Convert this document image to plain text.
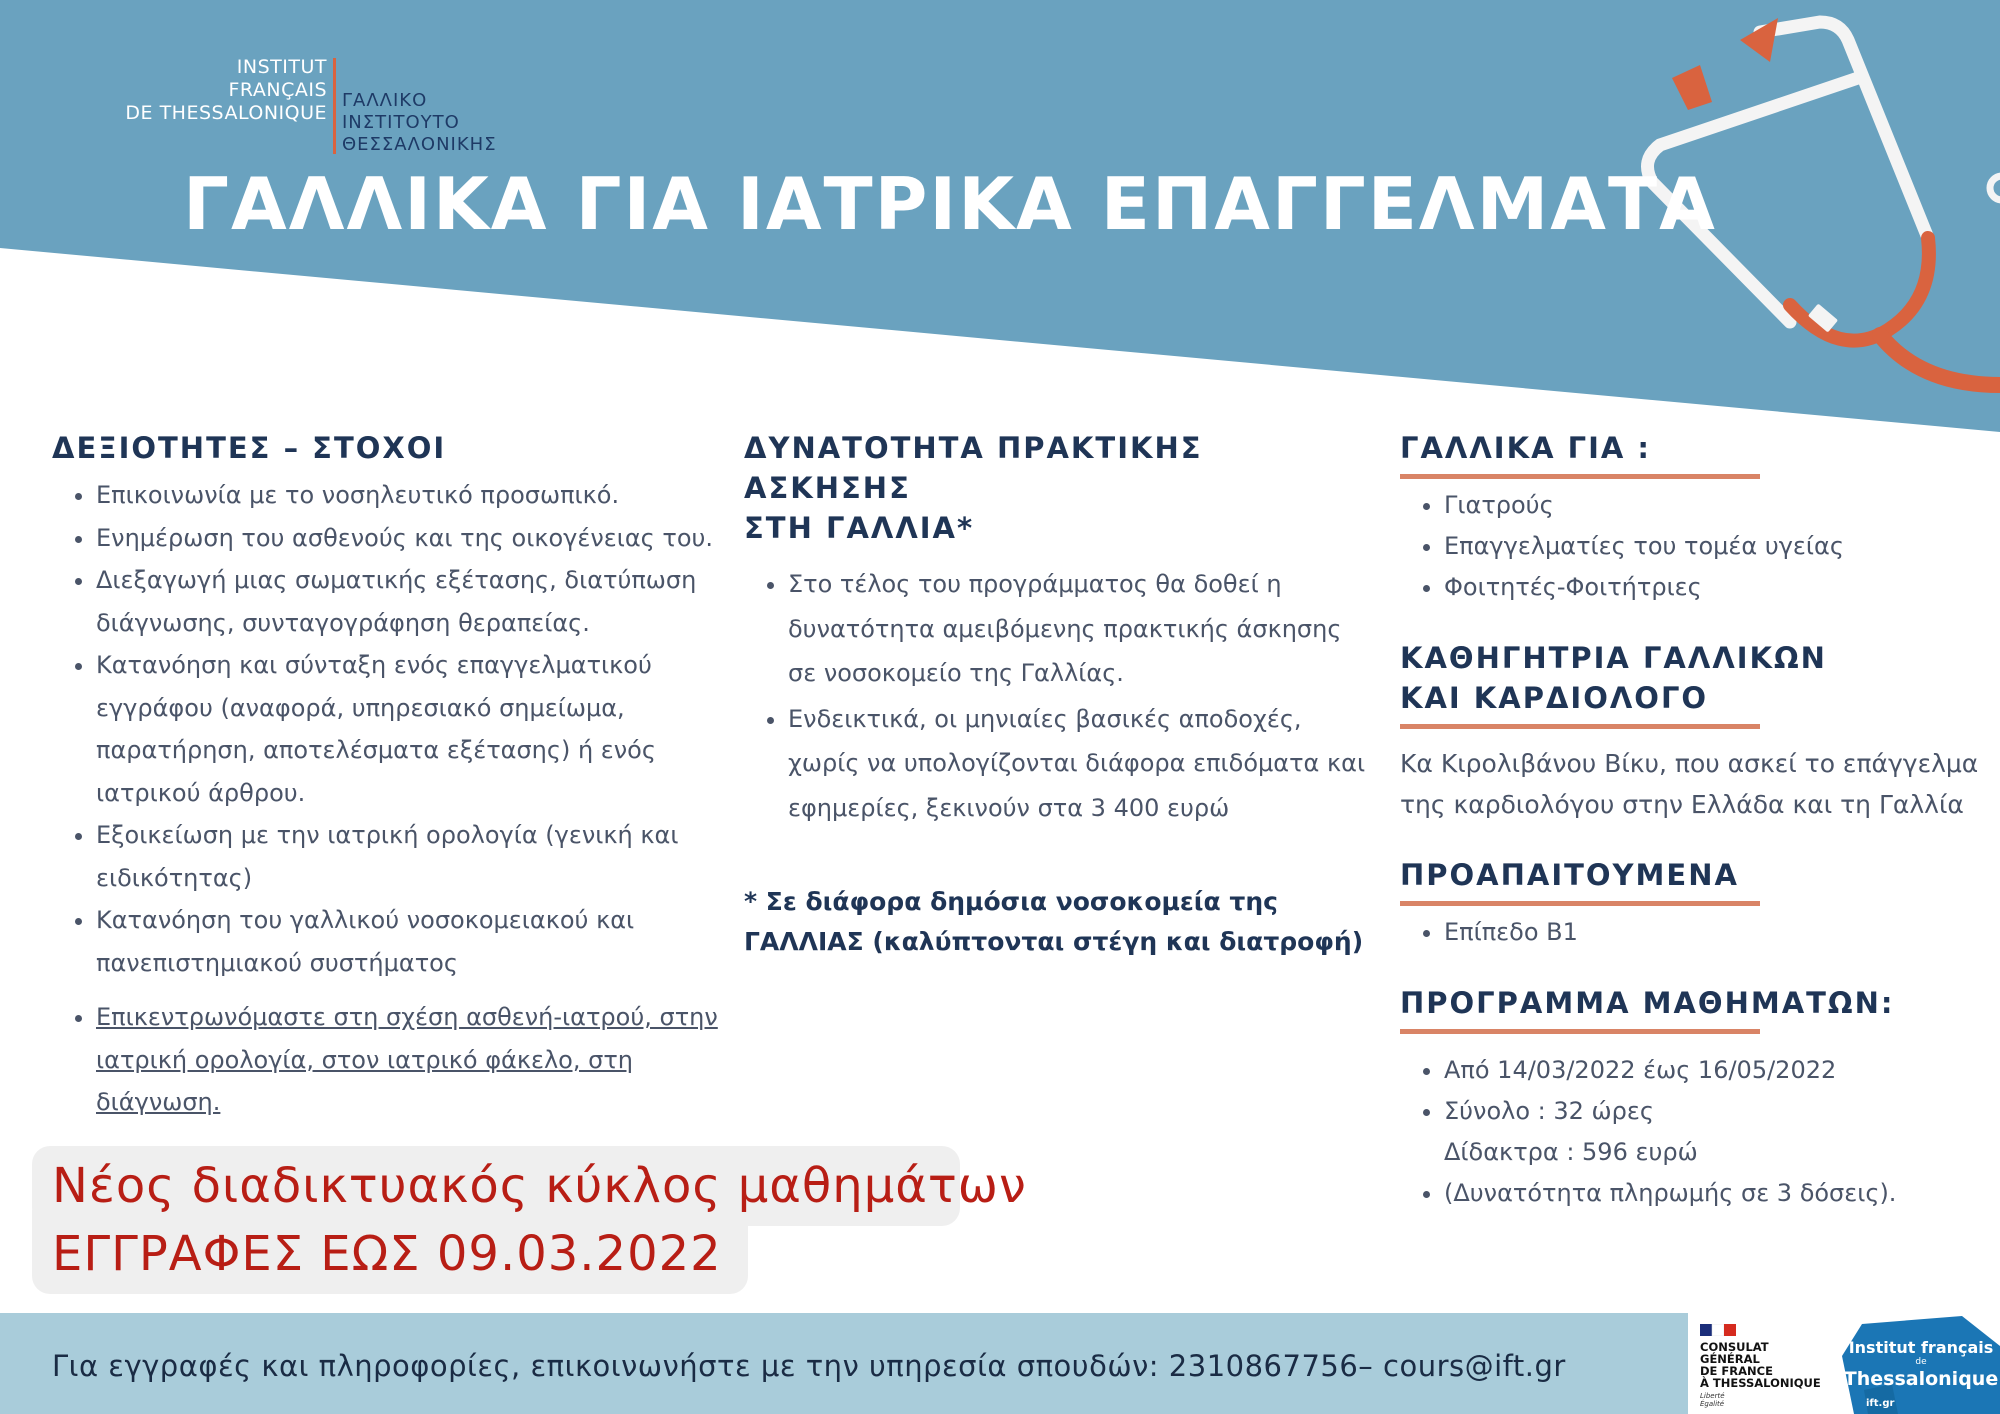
INSTITUT
FRANÇAIS
DE THESSALONIQUE
ΓΑΛΛΙΚΟ
ΙΝΣΤΙΤΟΥΤΟ
ΘΕΣΣΑΛΟΝΙΚΗΣ
ΓΑΛΛΙΚΑ ΓΙΑ ΙΑΤΡΙΚΑ ΕΠΑΓΓΕΛΜΑΤΑ
ΔΕΞΙΟΤΗΤΕΣ – ΣΤΟΧΟΙ
• Επικοινωνία με το νοσηλευτικό προσωπικό.
• Ενημέρωση του ασθενούς και της οικογένειας του.
• Διεξαγωγή μιας σωματικής εξέτασης, διατύπωση διάγνωσης, συνταγογράφηση θεραπείας.
• Κατανόηση και σύνταξη ενός επαγγελματικού εγγράφου (αναφορά, υπηρεσιακό σημείωμα, παρατήρηση, αποτελέσματα εξέτασης) ή ενός ιατρικού άρθρου.
• Εξοικείωση με την ιατρική ορολογία (γενική και ειδικότητας)
• Κατανόηση του γαλλικού νοσοκομειακού και πανεπιστημιακού συστήματος
• Επικεντρωνόμαστε στη σχέση ασθενή-ιατρού, στην ιατρική ορολογία, στον ιατρικό φάκελο, στη διάγνωση.
ΔΥΝΑΤΟΤΗΤΑ ΠΡΑΚΤΙΚΗΣ ΑΣΚΗΣΗΣ
ΣΤΗ ΓΑΛΛΙΑ*
• Στο τέλος του προγράμματος θα δοθεί η δυνατότητα αμειβόμενης πρακτικής άσκησης σε νοσοκομείο της Γαλλίας.
• Ενδεικτικά, οι μηνιαίες βασικές αποδοχές, χωρίς να υπολογίζονται διάφορα επιδόματα και εφημερίες, ξεκινούν στα 3 400 ευρώ
* Σε διάφορα δημόσια νοσοκομεία της ΓΑΛΛΙΑΣ (καλύπτονται στέγη και διατροφή)
ΓΑΛΛΙΚΑ ΓΙΑ :
• Γιατρούς
• Επαγγελματίες του τομέα υγείας
• Φοιτητές-Φοιτήτριες
ΚΑΘΗΓΗΤΡΙΑ ΓΑΛΛΙΚΩΝ
ΚΑΙ ΚΑΡΔΙΟΛΟΓΟ
Κα Κιρολιβάνου Βίκυ, που ασκεί το επάγγελμα της καρδιολόγου στην Ελλάδα και τη Γαλλία
ΠΡΟΑΠΑΙΤΟΥΜΕΝΑ
• Επίπεδο Β1
ΠΡΟΓΡΑΜΜΑ ΜΑΘΗΜΑΤΩΝ:
• Από 14/03/2022 έως 16/05/2022
• Σύνολο : 32 ώρες
Δίδακτρα : 596 ευρώ
• (Δυνατότητα πληρωμής σε 3 δόσεις).
Νέος διαδικτυακός κύκλος μαθημάτων
ΕΓΓΡΑΦΕΣ ΕΩΣ 09.03.2022
Για εγγραφές και πληροφορίες, επικοινωνήστε με την υπηρεσία σπουδών: 2310867756– cours@ift.gr
CONSULAT
GÉNÉRAL
DE FRANCE
À THESSALONIQUE
Liberté
Égalité
Institut français
de
Thessalonique
ift.gr
